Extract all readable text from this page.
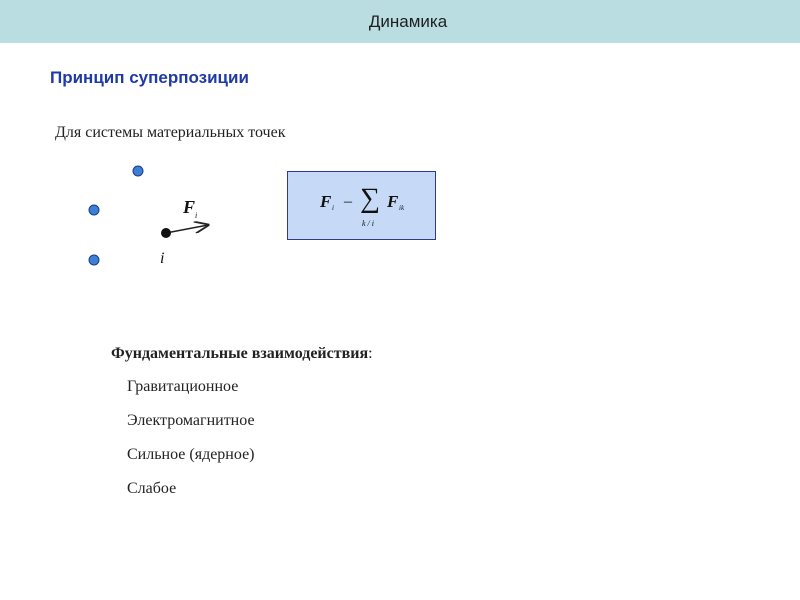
Динамика
Принцип суперпозиции
Для системы материальных точек
F i
i
F i – ∑
k / i
F ik
Фундаментальные взаимодействия:
Гравитационное
Электромагнитное
Сильное (ядерное)
Слабое
